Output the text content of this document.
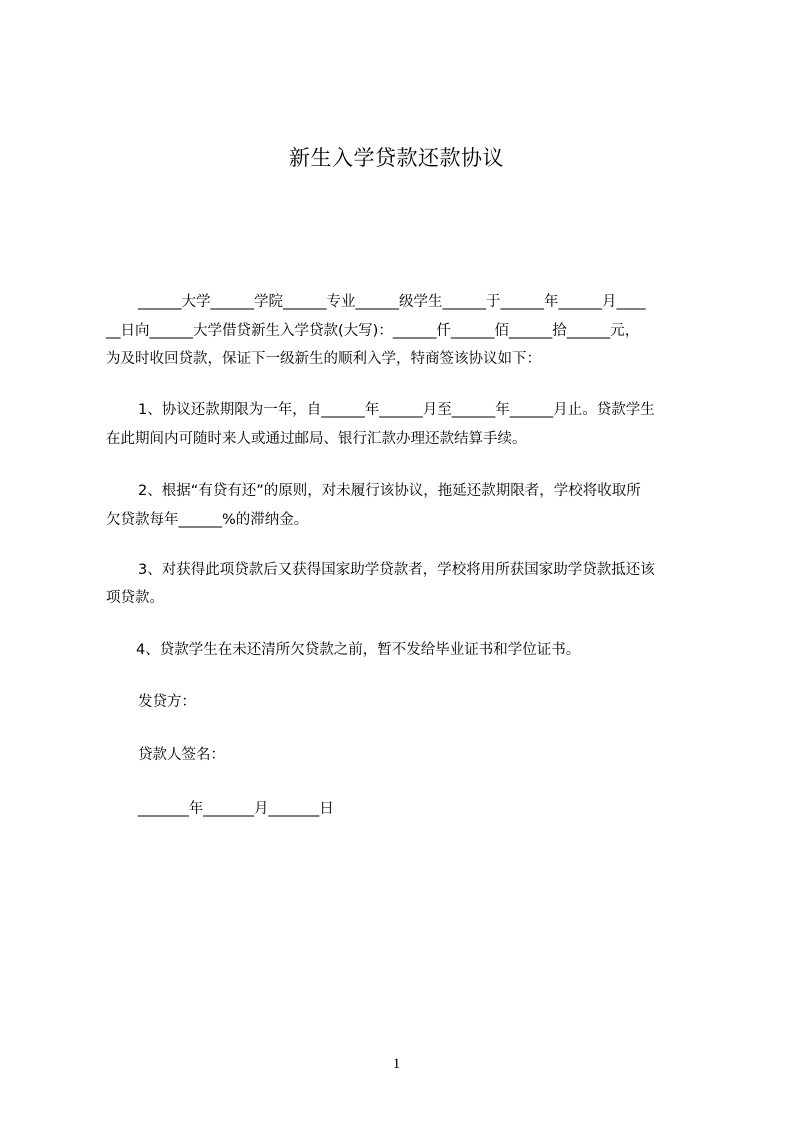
新生入学贷款还款协议
______大学______学院______专业______级学生______于______年______月____
__日向______大学借贷新生入学贷款(大写)：______仟______佰______拾______元，
为及时收回贷款，保证下一级新生的顺利入学，特商签该协议如下：
1、协议还款期限为一年，自______年______月至______年______月止。贷款学生
在此期间内可随时来人或通过邮局、银行汇款办理还款结算手续。
2、根据“有贷有还”的原则，对未履行该协议，拖延还款期限者，学校将收取所
欠贷款每年______%的滞纳金。
3、对获得此项贷款后又获得国家助学贷款者，学校将用所获国家助学贷款抵还该
项贷款。
4、贷款学生在未还清所欠贷款之前，暂不发给毕业证书和学位证书。
发贷方：
贷款人签名：
_______年_______月_______日
1
